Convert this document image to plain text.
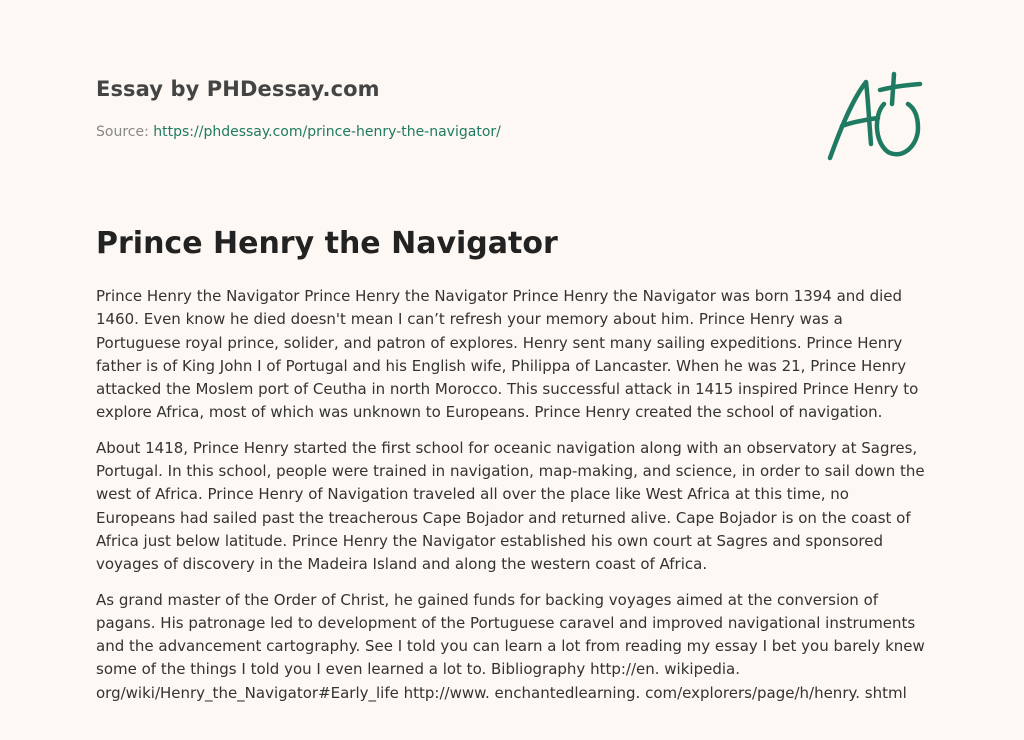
Essay by PHDessay.com
Source: https://phdessay.com/prince-henry-the-navigator/
Prince Henry the Navigator

Prince Henry the Navigator Prince Henry the Navigator Prince Henry the Navigator was born 1394 and died 1460. Even know he died doesn't mean I can’t refresh your memory about him. Prince Henry was a Portuguese royal prince, solider, and patron of explores. Henry sent many sailing expeditions. Prince Henry father is of King John I of Portugal and his English wife, Philippa of Lancaster. When he was 21, Prince Henry attacked the Moslem port of Ceutha in north Morocco. This successful attack in 1415 inspired Prince Henry to explore Africa, most of which was unknown to Europeans. Prince Henry created the school of navigation.

About 1418, Prince Henry started the first school for oceanic navigation along with an observatory at Sagres, Portugal. In this school, people were trained in navigation, map-making, and science, in order to sail down the west of Africa. Prince Henry of Navigation traveled all over the place like West Africa at this time, no Europeans had sailed past the treacherous Cape Bojador and returned alive. Cape Bojador is on the coast of Africa just below latitude. Prince Henry the Navigator established his own court at Sagres and sponsored voyages of discovery in the Madeira Island and along the western coast of Africa.

As grand master of the Order of Christ, he gained funds for backing voyages aimed at the conversion of pagans. His patronage led to development of the Portuguese caravel and improved navigational instruments and the advancement cartography. See I told you can learn a lot from reading my essay I bet you barely knew some of the things I told you I even learned a lot to. Bibliography http://en. wikipedia. org/wiki/Henry_the_Navigator#Early_life http://www. enchantedlearning. com/explorers/page/h/henry. shtml
